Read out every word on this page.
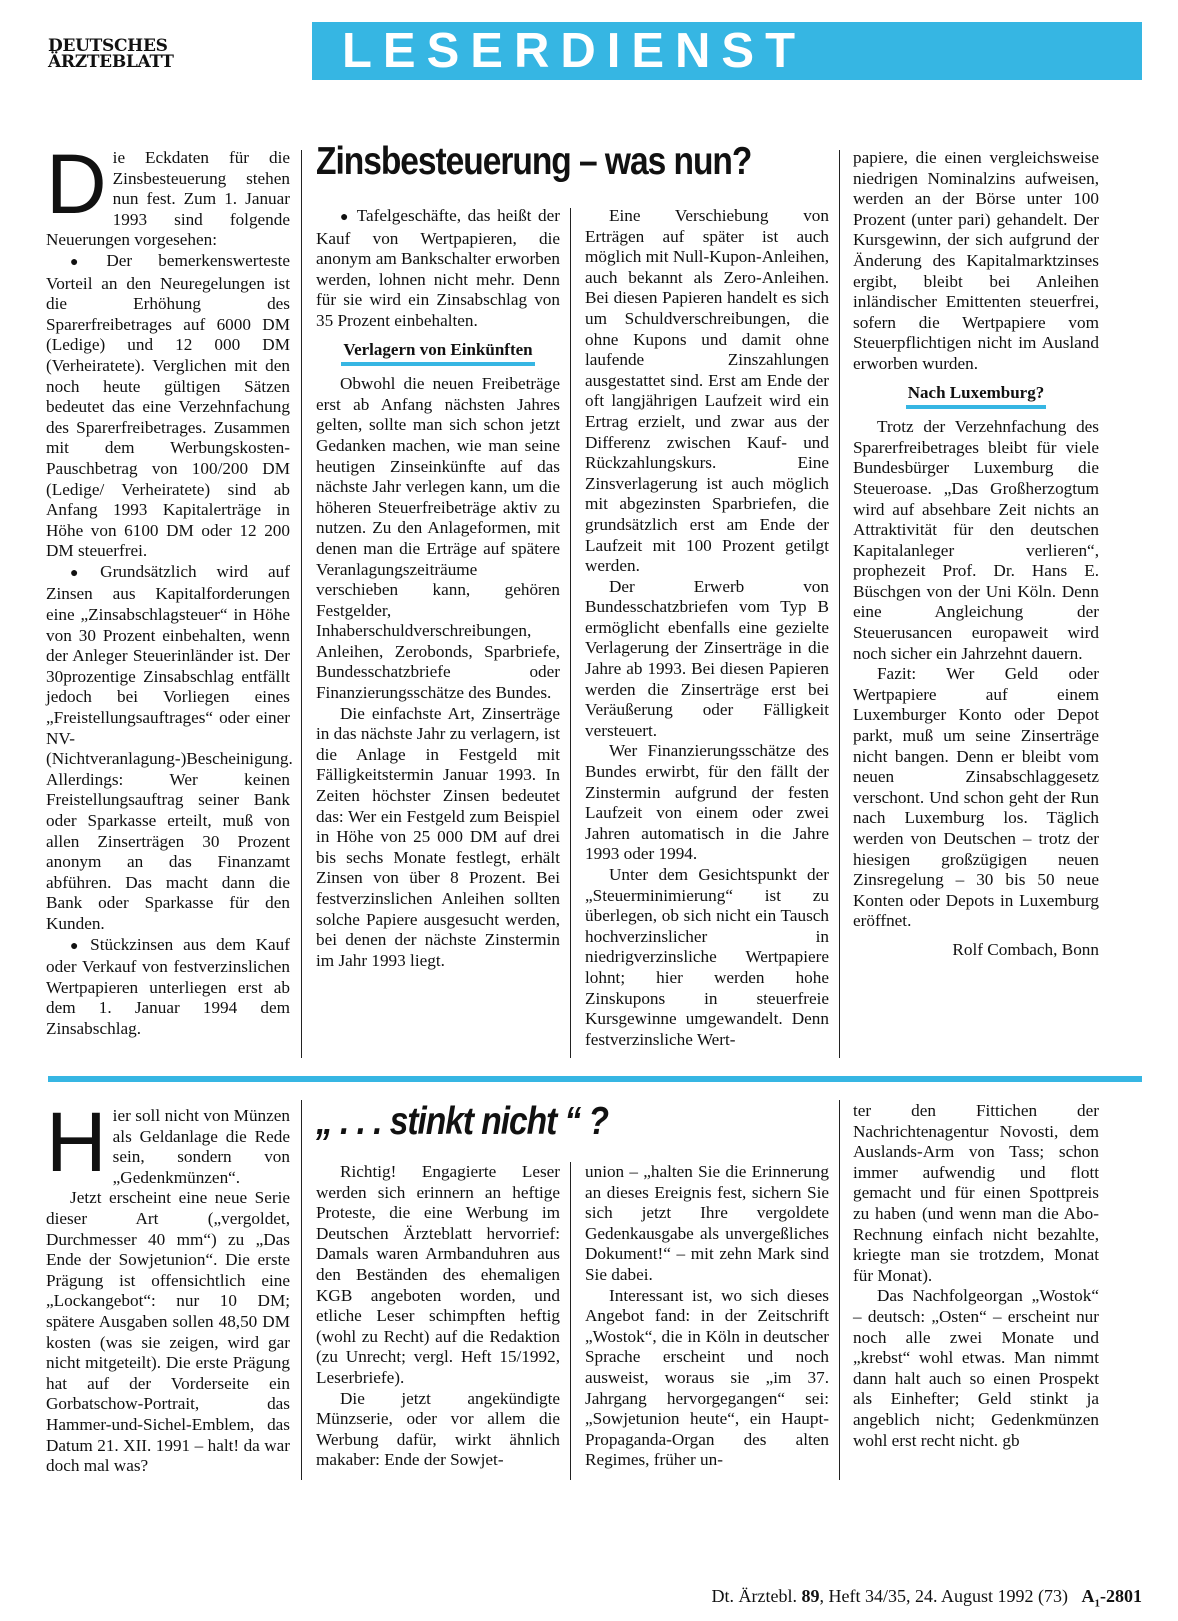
DEUTSCHES
ÄRZTEBLATT	LESERDIENST
Zinsbesteuerung – was nun?

Die Eckdaten für die Zinsbesteuerung stehen nun fest. Zum 1. Januar 1993 sind folgende Neuerungen vorgesehen:

● Der bemerkenswerteste Vorteil an den Neuregelungen ist die Erhöhung des Sparerfreibetrages auf 6000 DM (Ledige) und 12 000 DM (Verheiratete). Verglichen mit den noch heute gültigen Sätzen bedeutet das eine Verzehnfachung des Sparerfreibetrages. Zusammen mit dem Werbungskosten-Pauschbetrag von 100/200 DM (Ledige/ Verheiratete) sind ab Anfang 1993 Kapitalerträge in Höhe von 6100 DM oder 12 200 DM steuerfrei.

● Grundsätzlich wird auf Zinsen aus Kapitalforderungen eine „Zinsabschlagsteuer“ in Höhe von 30 Prozent einbehalten, wenn der Anleger Steuerinländer ist. Der 30prozentige Zinsabschlag entfällt jedoch bei Vorliegen eines „Freistellungsauftrages“ oder einer NV- (Nichtveranlagung-)Bescheinigung. Allerdings: Wer keinen Freistellungsauftrag seiner Bank oder Sparkasse erteilt, muß von allen Zinserträgen 30 Prozent anonym an das Finanzamt abführen. Das macht dann die Bank oder Sparkasse für den Kunden.

● Stückzinsen aus dem Kauf oder Verkauf von festverzinslichen Wertpapieren unterliegen erst ab dem 1. Januar 1994 dem Zinsabschlag.

● Tafelgeschäfte, das heißt der Kauf von Wertpapieren, die anonym am Bankschalter erworben werden, lohnen nicht mehr. Denn für sie wird ein Zinsabschlag von 35 Prozent einbehalten.

Verlagern von Einkünften

Obwohl die neuen Freibeträge erst ab Anfang nächsten Jahres gelten, sollte man sich schon jetzt Gedanken machen, wie man seine heutigen Zinseinkünfte auf das nächste Jahr verlegen kann, um die höheren Steuerfreibeträge aktiv zu nutzen. Zu den Anlageformen, mit denen man die Erträge auf spätere Veranlagungszeiträume verschieben kann, gehören Festgelder, Inhaberschuldverschreibungen, Anleihen, Zerobonds, Sparbriefe, Bundesschatzbriefe oder Finanzierungsschätze des Bundes.

Die einfachste Art, Zinserträge in das nächste Jahr zu verlagern, ist die Anlage in Festgeld mit Fälligkeitstermin Januar 1993. In Zeiten höchster Zinsen bedeutet das: Wer ein Festgeld zum Beispiel in Höhe von 25 000 DM auf drei bis sechs Monate festlegt, erhält Zinsen von über 8 Prozent. Bei festverzinslichen Anleihen sollten solche Papiere ausgesucht werden, bei denen der nächste Zinstermin im Jahr 1993 liegt.

Eine Verschiebung von Erträgen auf später ist auch möglich mit Null-Kupon-Anleihen, auch bekannt als Zero-Anleihen. Bei diesen Papieren handelt es sich um Schuldverschreibungen, die ohne Kupons und damit ohne laufende Zinszahlungen ausgestattet sind. Erst am Ende der oft langjährigen Laufzeit wird ein Ertrag erzielt, und zwar aus der Differenz zwischen Kauf- und Rückzahlungskurs. Eine Zinsverlagerung ist auch möglich mit abgezinsten Sparbriefen, die grundsätzlich erst am Ende der Laufzeit mit 100 Prozent getilgt werden.

Der Erwerb von Bundesschatzbriefen vom Typ B ermöglicht ebenfalls eine gezielte Verlagerung der Zinserträge in die Jahre ab 1993. Bei diesen Papieren werden die Zinserträge erst bei Veräußerung oder Fälligkeit versteuert.

Wer Finanzierungsschätze des Bundes erwirbt, für den fällt der Zinstermin aufgrund der festen Laufzeit von einem oder zwei Jahren automatisch in die Jahre 1993 oder 1994.

Unter dem Gesichtspunkt der „Steuerminimierung“ ist zu überlegen, ob sich nicht ein Tausch hochverzinslicher in niedrigverzinsliche Wertpapiere lohnt; hier werden hohe Zinskupons in steuerfreie Kursgewinne umgewandelt. Denn festverzinsliche Wert-

papiere, die einen vergleichsweise niedrigen Nominalzins aufweisen, werden an der Börse unter 100 Prozent (unter pari) gehandelt. Der Kursgewinn, der sich aufgrund der Änderung des Kapitalmarktzinses ergibt, bleibt bei Anleihen inländischer Emittenten steuerfrei, sofern die Wertpapiere vom Steuerpflichtigen nicht im Ausland erworben wurden.

Nach Luxemburg?

Trotz der Verzehnfachung des Sparerfreibetrages bleibt für viele Bundesbürger Luxemburg die Steueroase. „Das Großherzogtum wird auf absehbare Zeit nichts an Attraktivität für den deutschen Kapitalanleger verlieren“, prophezeit Prof. Dr. Hans E. Büschgen von der Uni Köln. Denn eine Angleichung der Steuerusancen europaweit wird noch sicher ein Jahrzehnt dauern.

Fazit: Wer Geld oder Wertpapiere auf einem Luxemburger Konto oder Depot parkt, muß um seine Zinserträge nicht bangen. Denn er bleibt vom neuen Zinsabschlaggesetz verschont. Und schon geht der Run nach Luxemburg los. Täglich werden von Deutschen – trotz der hiesigen großzügigen neuen Zinsregelung – 30 bis 50 neue Konten oder Depots in Luxemburg eröffnet.

Rolf Combach, Bonn

„ . . . stinkt nicht “ ?

Hier soll nicht von Münzen als Geldanlage die Rede sein, sondern von „Gedenkmünzen“.

Jetzt erscheint eine neue Serie dieser Art („vergoldet, Durchmesser 40 mm“) zu „Das Ende der Sowjetunion“. Die erste Prägung ist offensichtlich eine „Lockangebot“: nur 10 DM; spätere Ausgaben sollen 48,50 DM kosten (was sie zeigen, wird gar nicht mitgeteilt). Die erste Prägung hat auf der Vorderseite ein Gorbatschow-Portrait, das Hammer-und-Sichel-Emblem, das Datum 21. XII. 1991 – halt! da war doch mal was?

Richtig! Engagierte Leser werden sich erinnern an heftige Proteste, die eine Werbung im Deutschen Ärzteblatt hervorrief: Damals waren Armbanduhren aus den Beständen des ehemaligen KGB angeboten worden, und etliche Leser schimpften heftig (wohl zu Recht) auf die Redaktion (zu Unrecht; vergl. Heft 15/1992, Leserbriefe).

Die jetzt angekündigte Münzserie, oder vor allem die Werbung dafür, wirkt ähnlich makaber: Ende der Sowjet-

union – „halten Sie die Erinnerung an dieses Ereignis fest, sichern Sie sich jetzt Ihre vergoldete Gedenkausgabe als unvergeßliches Dokument!“ – mit zehn Mark sind Sie dabei.

Interessant ist, wo sich dieses Angebot fand: in der Zeitschrift „Wostok“, die in Köln in deutscher Sprache erscheint und noch ausweist, woraus sie „im 37. Jahrgang hervorgegangen“ sei: „Sowjetunion heute“, ein Haupt-Propaganda-Organ des alten Regimes, früher un-

ter den Fittichen der Nachrichtenagentur Novosti, dem Auslands-Arm von Tass; schon immer aufwendig und flott gemacht und für einen Spottpreis zu haben (und wenn man die Abo-Rechnung einfach nicht bezahlte, kriegte man sie trotzdem, Monat für Monat).

Das Nachfolgeorgan „Wostok“ – deutsch: „Osten“ – erscheint nur noch alle zwei Monate und „krebst“ wohl etwas. Man nimmt dann halt auch so einen Prospekt als Einhefter; Geld stinkt ja angeblich nicht; Gedenkmünzen wohl erst recht nicht. gb

Dt. Ärztebl. 89, Heft 34/35, 24. August 1992 (73) $A_1-2801$
